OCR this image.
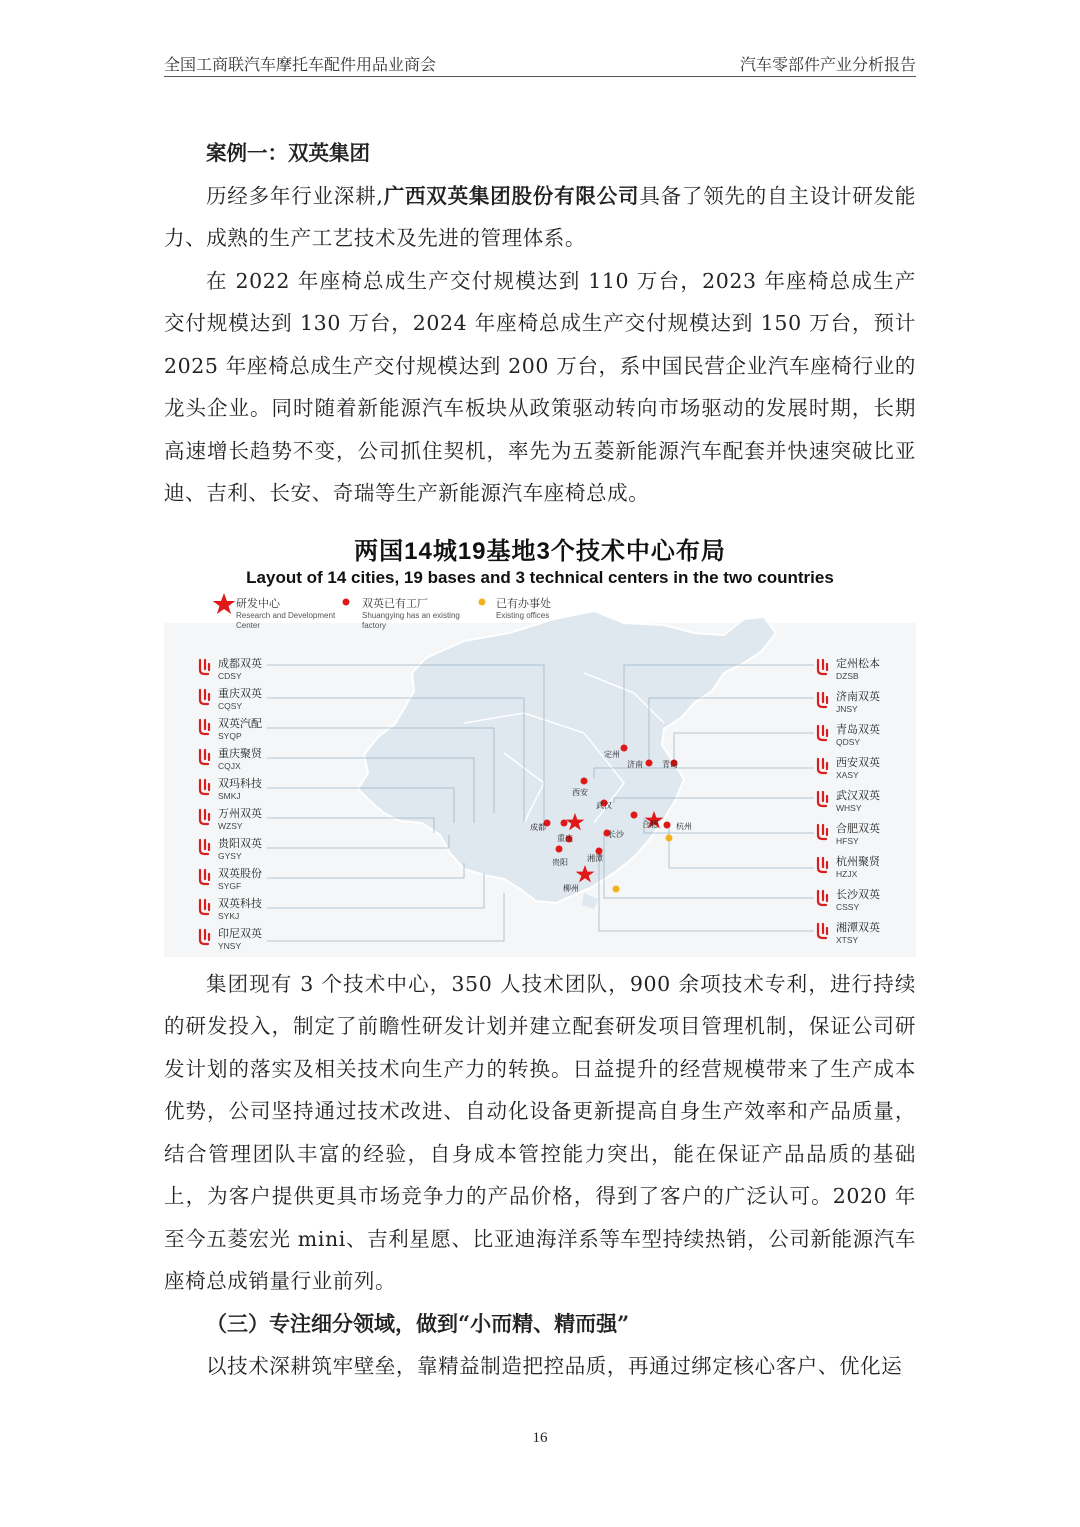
全国工商联汽车摩托车配件用品业商会	汽车零部件产业分析报告

案例一：双英集团

历经多年行业深耕,广西双英集团股份有限公司具备了领先的自主设计研发能力、成熟的生产工艺技术及先进的管理体系。

在 2022 年座椅总成生产交付规模达到 110 万台，2023 年座椅总成生产交付规模达到 130 万台，2024 年座椅总成生产交付规模达到 150 万台，预计 2025 年座椅总成生产交付规模达到 200 万台，系中国民营企业汽车座椅行业的龙头企业。同时随着新能源汽车板块从政策驱动转向市场驱动的发展时期，长期高速增长趋势不变，公司抓住契机，率先为五菱新能源汽车配套并快速突破比亚迪、吉利、长安、奇瑞等生产新能源汽车座椅总成。

两国14城19基地3个技术中心布局
Layout of 14 cities, 19 bases and 3 technical centers in the two countries
研发中心
Research and Development Center
双英已有工厂
Shuangying has an existing factory
已有办事处
Existing offices
成都双英
CDSY
重庆双英
CQSY
双英汽配
SYQP
重庆聚贤
CQJX
双玛科技
SMKJ
万州双英
WZSY
贵阳双英
GYSY
双英股份
SYGF
双英科技
SYKJ
印尼双英
YNSY
定州松本
DZSB
济南双英
JNSY
青岛双英
QDSY
西安双英
XASY
武汉双英
WHSY
合肥双英
HFSY
杭州聚贤
HZJX
长沙双英
CSSY
湘潭双英
XTSY
定州
济南 青岛
西安
武汉
成都
重庆
合肥 杭州
长沙
湘潭
贵阳
柳州

集团现有 3 个技术中心，350 人技术团队，900 余项技术专利，进行持续的研发投入，制定了前瞻性研发计划并建立配套研发项目管理机制，保证公司研发计划的落实及相关技术向生产力的转换。日益提升的经营规模带来了生产成本优势，公司坚持通过技术改进、自动化设备更新提高自身生产效率和产品质量，结合管理团队丰富的经验，自身成本管控能力突出，能在保证产品品质的基础上，为客户提供更具市场竞争力的产品价格，得到了客户的广泛认可。2020 年至今五菱宏光 mini、吉利星愿、比亚迪海洋系等车型持续热销，公司新能源汽车座椅总成销量行业前列。

（三）专注细分领域，做到“小而精、精而强”

以技术深耕筑牢壁垒，靠精益制造把控品质，再通过绑定核心客户、优化运

16
